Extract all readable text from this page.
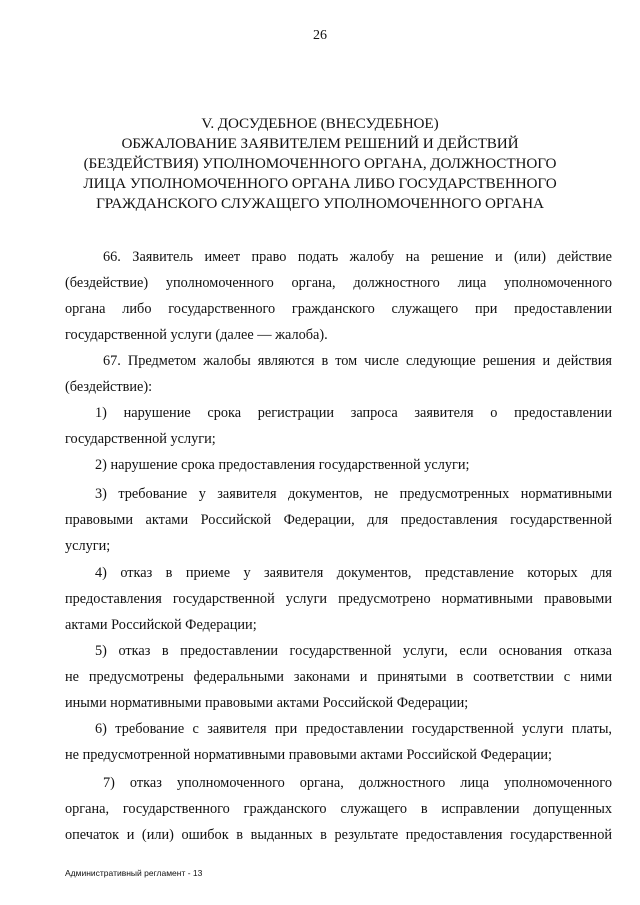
26
V. ДОСУДЕБНОЕ (ВНЕСУДЕБНОЕ)
ОБЖАЛОВАНИЕ ЗАЯВИТЕЛЕМ РЕШЕНИЙ И ДЕЙСТВИЙ
(БЕЗДЕЙСТВИЯ) УПОЛНОМОЧЕННОГО ОРГАНА, ДОЛЖНОСТНОГО
ЛИЦА УПОЛНОМОЧЕННОГО ОРГАНА ЛИБО ГОСУДАРСТВЕННОГО
ГРАЖДАНСКОГО СЛУЖАЩЕГО УПОЛНОМОЧЕННОГО ОРГАНА
66. Заявитель имеет право подать жалобу на решение и (или) действие
(бездействие) уполномоченного органа, должностного лица уполномоченного
органа либо государственного гражданского служащего при предоставлении
государственной услуги (далее — жалоба).
67. Предметом жалобы являются в том числе следующие решения и действия
(бездействие):
1) нарушение срока регистрации запроса заявителя о предоставлении
государственной услуги;
2) нарушение срока предоставления государственной услуги;
3) требование у заявителя документов, не предусмотренных нормативными
правовыми актами Российской Федерации, для предоставления государственной
услуги;
4) отказ в приеме у заявителя документов, представление которых для
предоставления государственной услуги предусмотрено нормативными правовыми
актами Российской Федерации;
5) отказ в предоставлении государственной услуги, если основания отказа
не предусмотрены федеральными законами и принятыми в соответствии с ними
иными нормативными правовыми актами Российской Федерации;
6) требование с заявителя при предоставлении государственной услуги платы,
не предусмотренной нормативными правовыми актами Российской Федерации;
7) отказ уполномоченного органа, должностного лица уполномоченного
органа, государственного гражданского служащего в исправлении допущенных
опечаток и (или) ошибок в выданных в результате предоставления государственной
Административный регламент - 13
